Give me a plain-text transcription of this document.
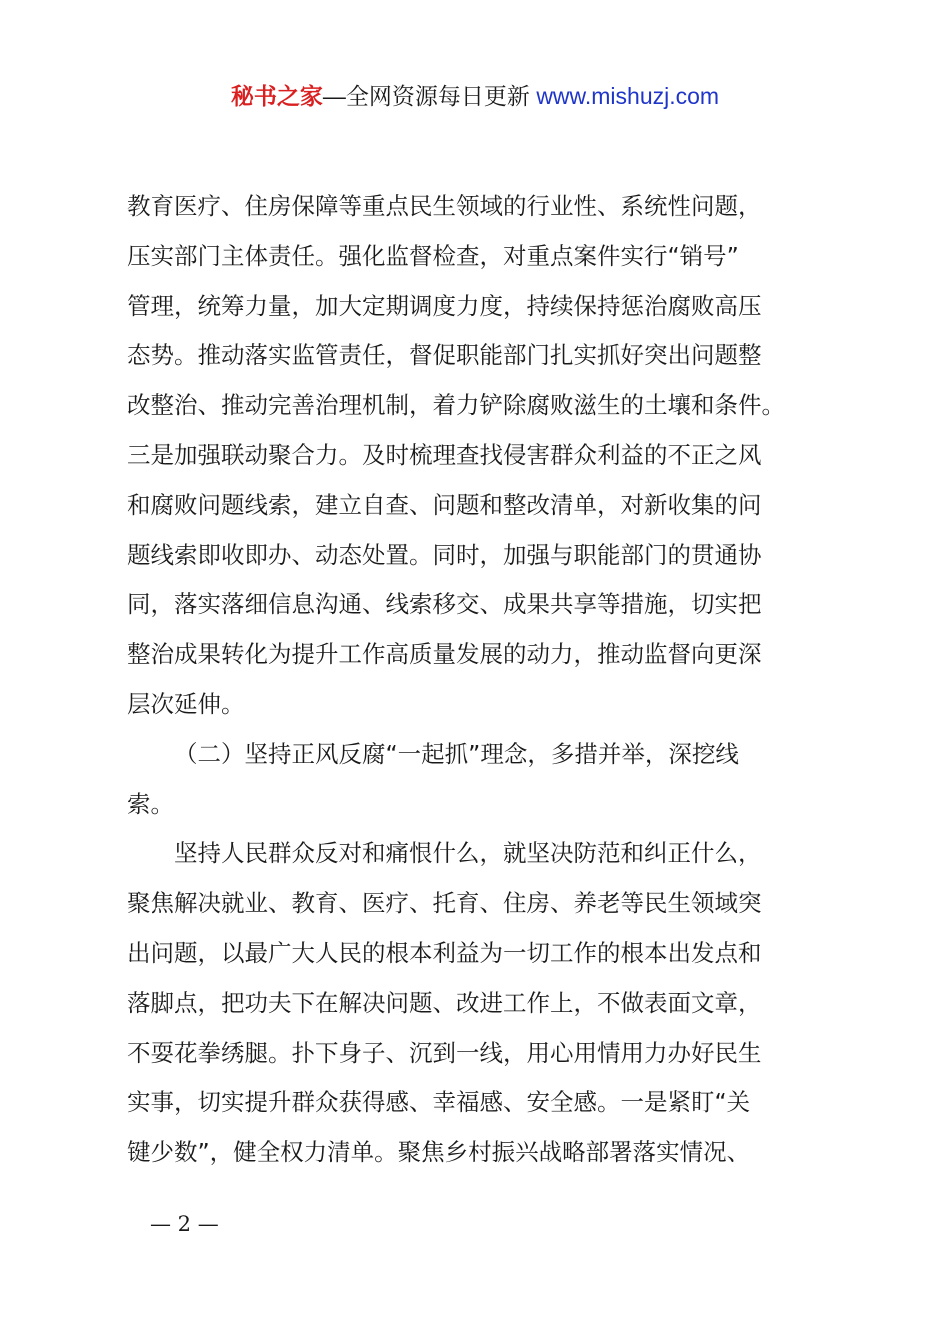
秘书之家—全网资源每日更新 www.mishuzj.com
教育医疗、住房保障等重点民生领域的行业性、系统性问题，
压实部门主体责任。强化监督检查，对重点案件实行“销号”
管理，统筹力量，加大定期调度力度，持续保持惩治腐败高压
态势。推动落实监管责任，督促职能部门扎实抓好突出问题整
改整治、推动完善治理机制，着力铲除腐败滋生的土壤和条件。
三是加强联动聚合力。及时梳理查找侵害群众利益的不正之风
和腐败问题线索，建立自查、问题和整改清单，对新收集的问
题线索即收即办、动态处置。同时，加强与职能部门的贯通协
同，落实落细信息沟通、线索移交、成果共享等措施，切实把
整治成果转化为提升工作高质量发展的动力，推动监督向更深
层次延伸。
（二）坚持正风反腐“一起抓”理念，多措并举，深挖线
索。
坚持人民群众反对和痛恨什么，就坚决防范和纠正什么，
聚焦解决就业、教育、医疗、托育、住房、养老等民生领域突
出问题，以最广大人民的根本利益为一切工作的根本出发点和
落脚点，把功夫下在解决问题、改进工作上，不做表面文章，
不耍花拳绣腿。扑下身子、沉到一线，用心用情用力办好民生
实事，切实提升群众获得感、幸福感、安全感。一是紧盯“关
键少数”，健全权力清单。聚焦乡村振兴战略部署落实情况、
— 2 —
